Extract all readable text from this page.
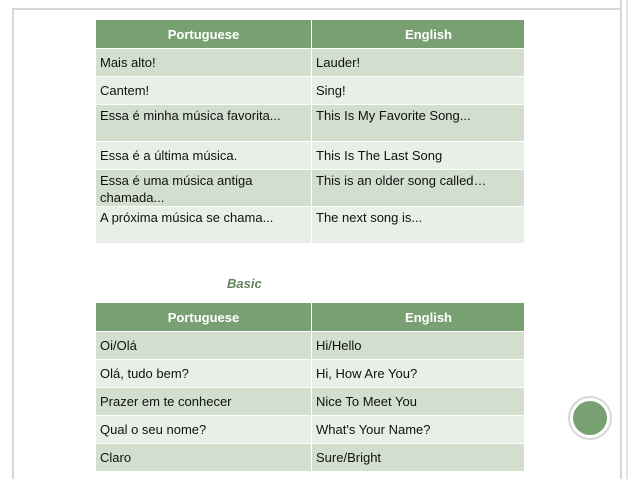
Portuguese	English
Mais alto!	Lauder!
Cantem!	Sing!
Essa é minha música favorita...	This Is My Favorite Song...
Essa é a última música.	This Is The Last Song
Essa é uma música antiga chamada...	This is an older song called…
A próxima música se chama...	The next song is...
Basic
Portuguese	English
Oi/Olá	Hi/Hello
Olá, tudo bem?	Hi, How Are You?
Prazer em te conhecer	Nice To Meet You
Qual o seu nome?	What's Your Name?
Claro	Sure/Bright
